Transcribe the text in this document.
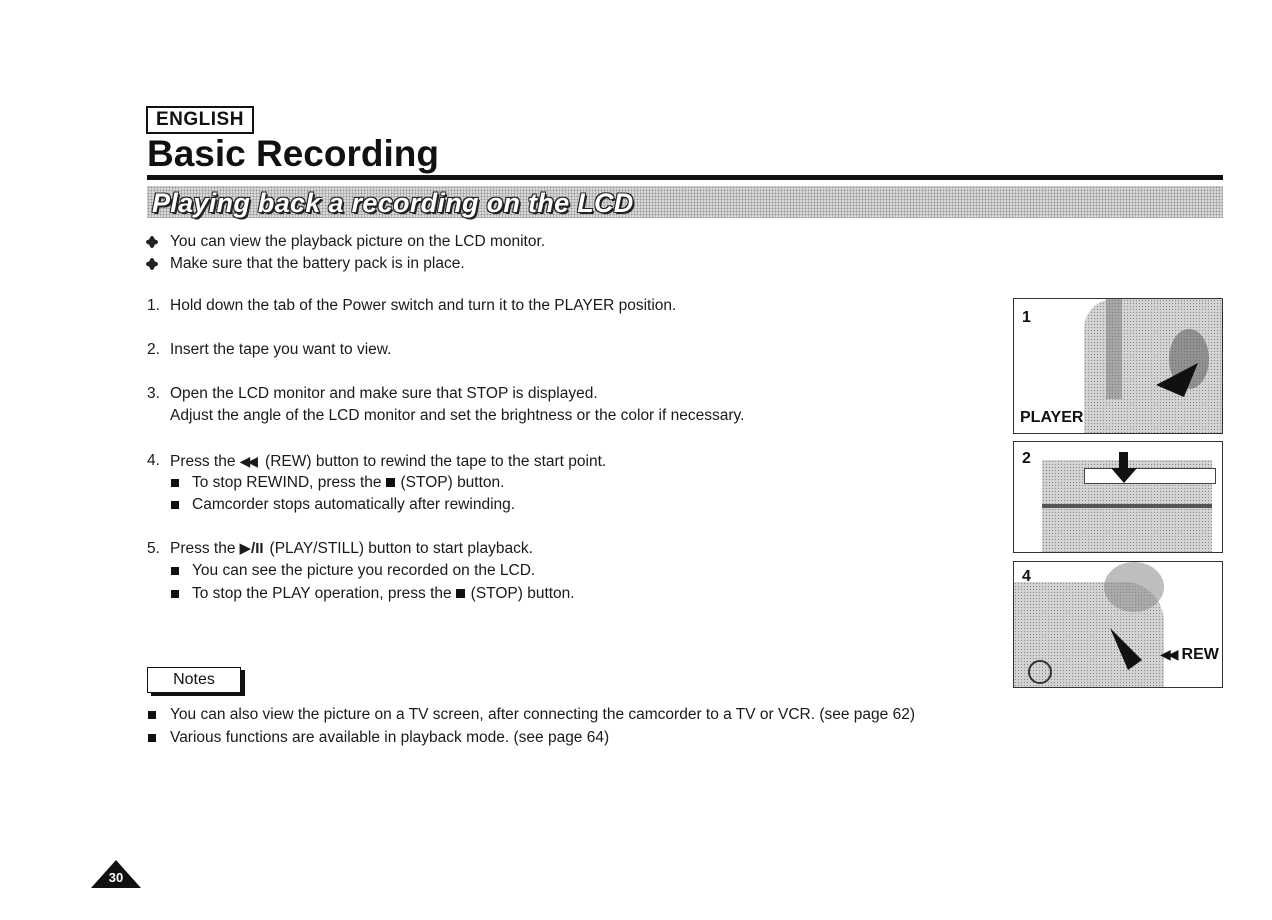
ENGLISH
Basic Recording
Playing back a recording on the LCD
You can view the playback picture on the LCD monitor.
Make sure that the battery pack is in place.
1. Hold down the tab of the Power switch and turn it to the PLAYER position.
2. Insert the tape you want to view.
3. Open the LCD monitor and make sure that STOP is displayed.
Adjust the angle of the LCD monitor and set the brightness or the color if necessary.
4. Press the ◀◀ (REW) button to rewind the tape to the start point.
To stop REWIND, press the (STOP) button.
Camcorder stops automatically after rewinding.
5. Press the ▶/II (PLAY/STILL) button to start playback.
You can see the picture you recorded on the LCD.
To stop the PLAY operation, press the (STOP) button.
Notes
You can also view the picture on a TV screen, after connecting the camcorder to a TV or VCR. (see page 62)
Various functions are available in playback mode. (see page 64)
1
PLAYER
2
4
◀◀ REW
30
